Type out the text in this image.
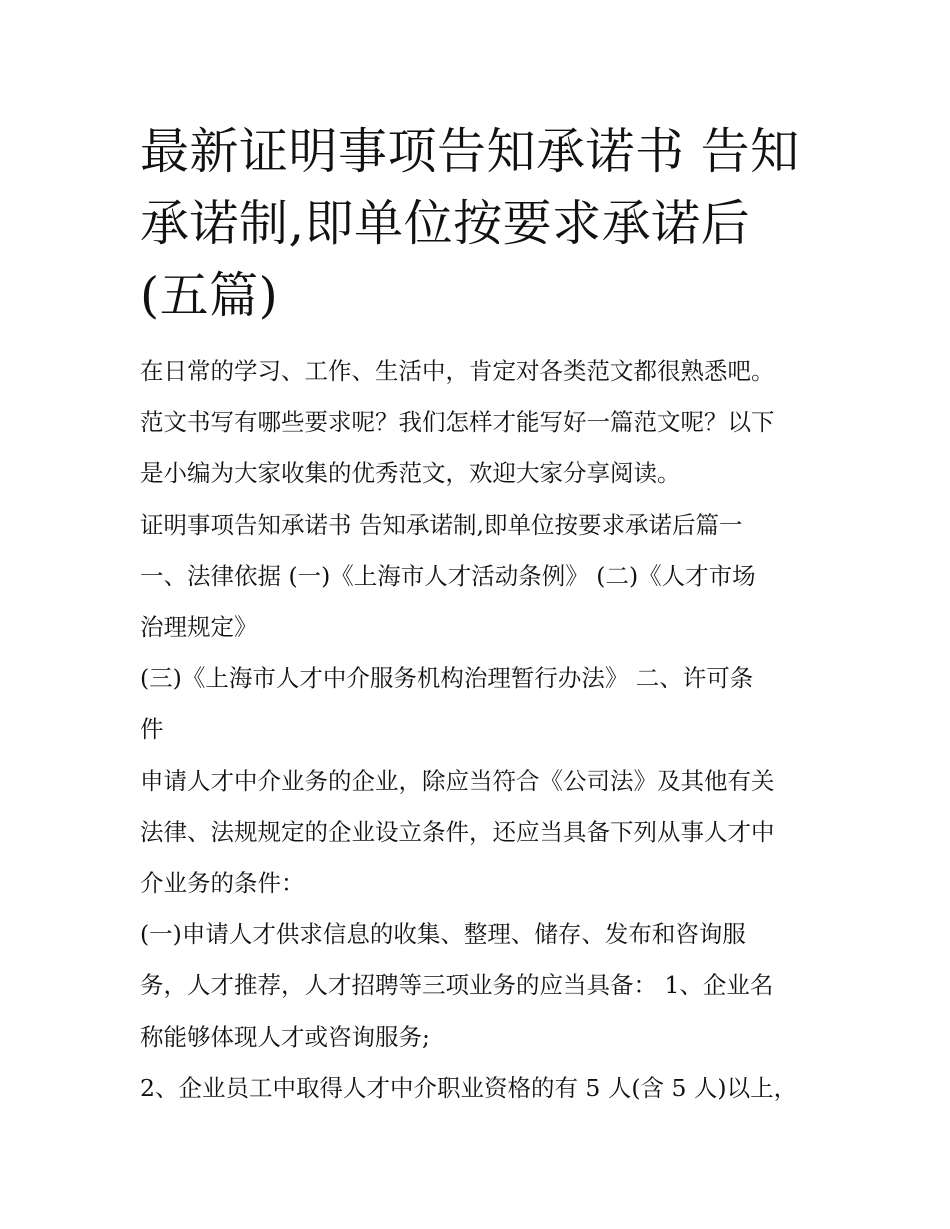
最新证明事项告知承诺书 告知
承诺制,即单位按要求承诺后
(五篇)
在日常的学习、工作、生活中，肯定对各类范文都很熟悉吧。
范文书写有哪些要求呢？我们怎样才能写好一篇范文呢？以下
是小编为大家收集的优秀范文，欢迎大家分享阅读。
证明事项告知承诺书 告知承诺制,即单位按要求承诺后篇一
一、法律依据 (一)《上海市人才活动条例》 (二)《人才市场
治理规定》
(三)《上海市人才中介服务机构治理暂行办法》 二、许可条
件
申请人才中介业务的企业，除应当符合《公司法》及其他有关
法律、法规规定的企业设立条件，还应当具备下列从事人才中
介业务的条件：
(一)申请人才供求信息的收集、整理、储存、发布和咨询服
务，人才推荐，人才招聘等三项业务的应当具备： 1、企业名
称能够体现人才或咨询服务;
2、企业员工中取得人才中介职业资格的有 5 人(含 5 人)以上，
